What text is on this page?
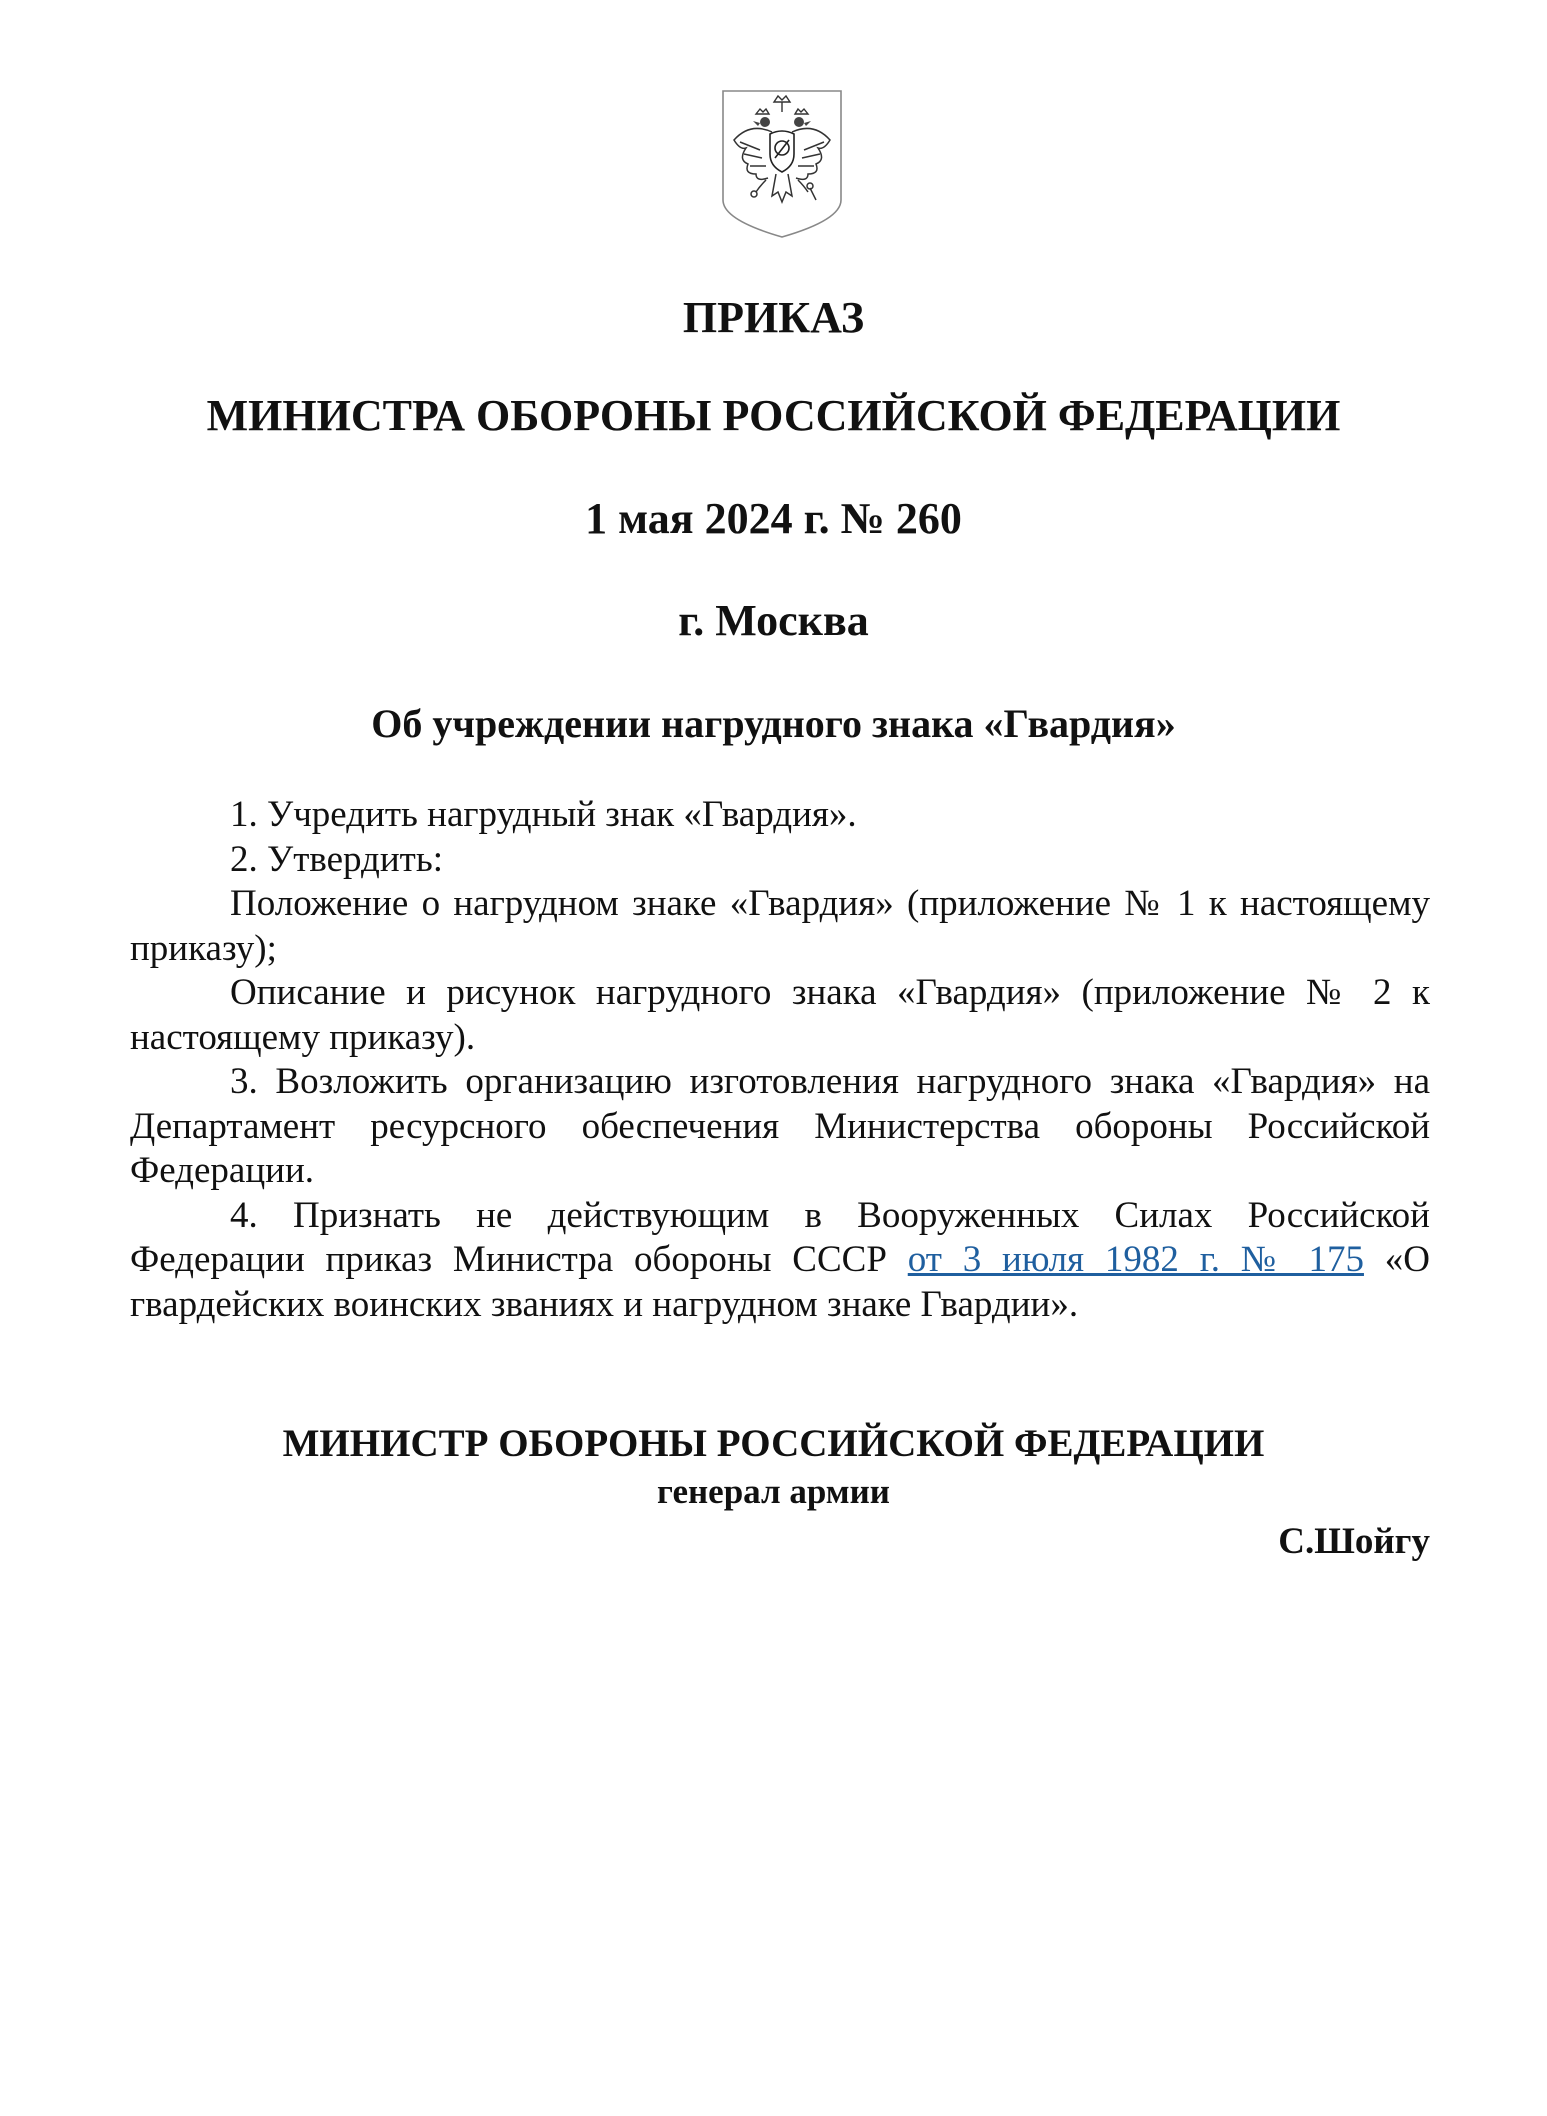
ПРИКАЗ
МИНИСТРА ОБОРОНЫ РОССИЙСКОЙ ФЕДЕРАЦИИ
1 мая 2024 г. № 260
г. Москва
Об учреждении нагрудного знака «Гвардия»

1. Учредить нагрудный знак «Гвардия».

2. Утвердить:

Положение о нагрудном знаке «Гвардия» (приложение № 1 к настоящему приказу);

Описание и рисунок нагрудного знака «Гвардия» (приложение № 2 к настоящему приказу).

3. Возложить организацию изготовления нагрудного знака «Гвардия» на Департамент ресурсного обеспечения Министерства обороны Российской Федерации.

4. Признать не действующим в Вооруженных Силах Российской Федерации приказ Министра обороны СССР от 3 июля 1982 г. № 175 «О гвардейских воинских званиях и нагрудном знаке Гвардии».

МИНИСТР ОБОРОНЫ РОССИЙСКОЙ ФЕДЕРАЦИИ
генерал армии
С.Шойгу
